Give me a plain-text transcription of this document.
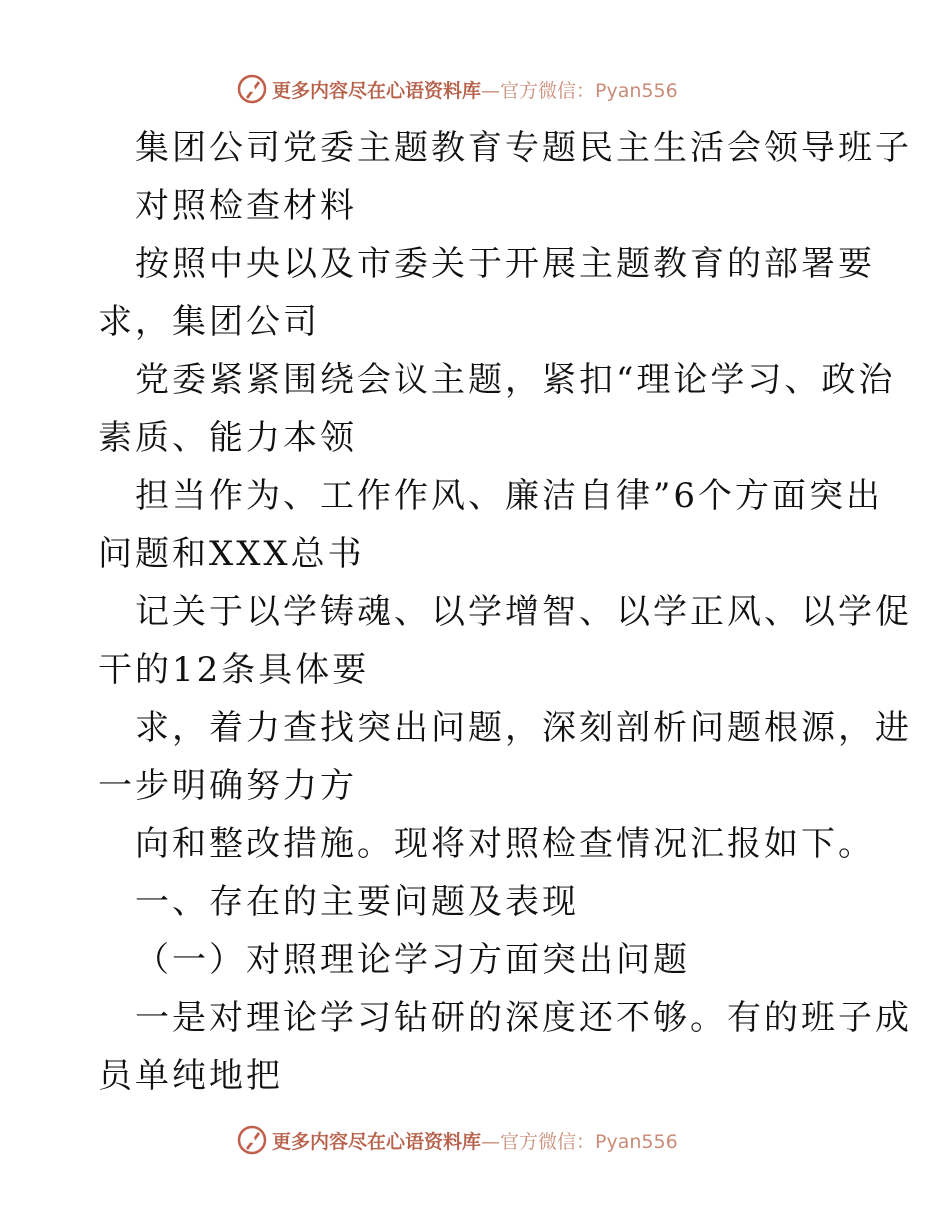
更多内容尽在心语资料库 —官方微信：Pyan556
集团公司党委主题教育专题民主生活会领导班子
对照检查材料
按照中央以及市委关于开展主题教育的部署要
求，集团公司
党委紧紧围绕会议主题，紧扣“理论学习、政治
素质、能力本领
担当作为、工作作风、廉洁自律”6个方面突出
问题和XXX总书
记关于以学铸魂、以学增智、以学正风、以学促
干的12条具体要
求，着力查找突出问题，深刻剖析问题根源，进
一步明确努力方
向和整改措施。现将对照检查情况汇报如下。
一、存在的主要问题及表现
（一）对照理论学习方面突出问题
一是对理论学习钻研的深度还不够。有的班子成
员单纯地把
更多内容尽在心语资料库 —官方微信：Pyan556
